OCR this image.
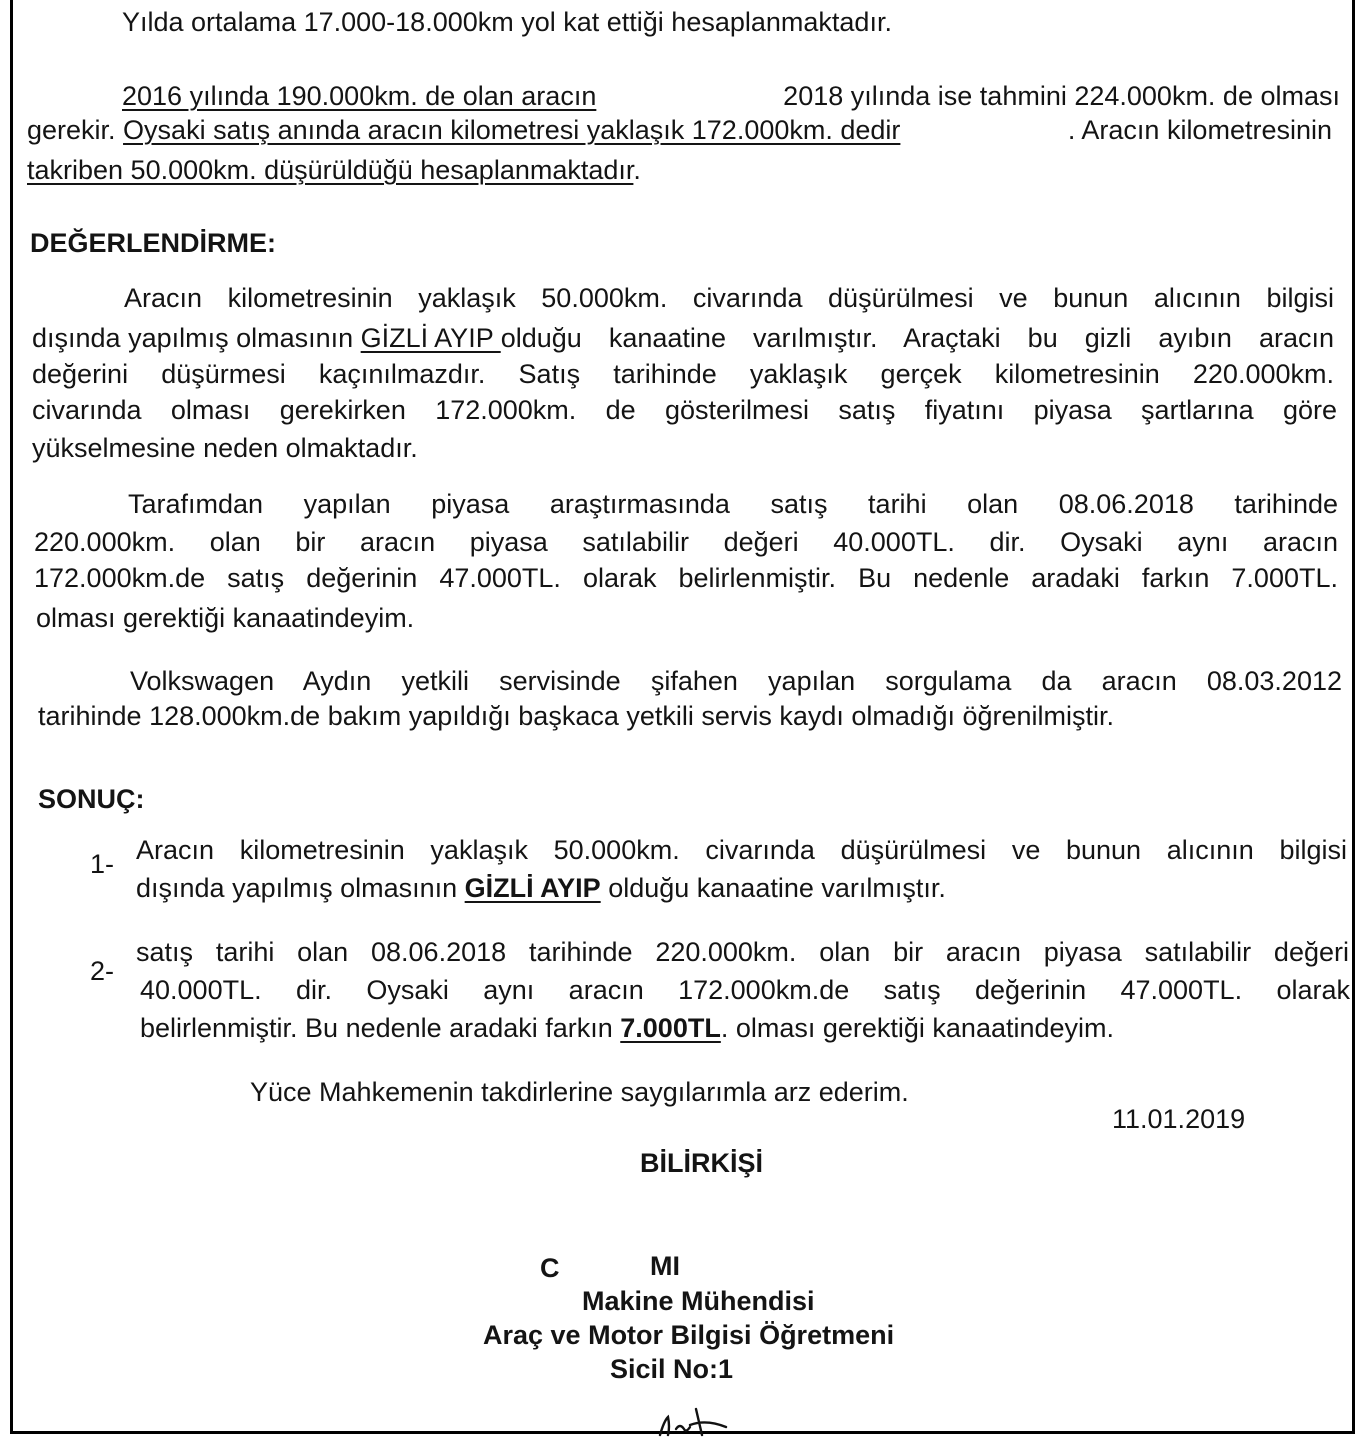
Yılda ortalama 17.000-18.000km yol kat ettiği hesaplanmaktadır.
2016 yılında 190.000km. de olan aracın	2018 yılında ise tahmini 224.000km. de olması
gerekir. Oysaki satış anında aracın kilometresi yaklaşık 172.000km. dedir	. Aracın kilometresinin
takriben 50.000km. düşürüldüğü hesaplanmaktadır.
DEĞERLENDİRME:
Aracın kilometresinin yaklaşık 50.000km. civarında düşürülmesi ve bunun alıcının bilgisi
dışında yapılmış olmasının GİZLİ AYIP olduğu kanaatine varılmıştır. Araçtaki bu gizli ayıbın aracın
değerini düşürmesi kaçınılmazdır. Satış tarihinde yaklaşık gerçek kilometresinin 220.000km.
civarında olması gerekirken 172.000km. de gösterilmesi satış fiyatını piyasa şartlarına göre
yükselmesine neden olmaktadır.
Tarafımdan yapılan piyasa araştırmasında satış tarihi olan 08.06.2018 tarihinde
220.000km. olan bir aracın piyasa satılabilir değeri 40.000TL. dir. Oysaki aynı aracın
172.000km.de satış değerinin 47.000TL. olarak belirlenmiştir. Bu nedenle aradaki farkın 7.000TL.
olması gerektiği kanaatindeyim.
Volkswagen Aydın yetkili servisinde şifahen yapılan sorgulama da aracın 08.03.2012
tarihinde 128.000km.de bakım yapıldığı başkaca yetkili servis kaydı olmadığı öğrenilmiştir.
SONUÇ:
1- Aracın kilometresinin yaklaşık 50.000km. civarında düşürülmesi ve bunun alıcının bilgisi
dışında yapılmış olmasının GİZLİ AYIP olduğu kanaatine varılmıştır.
2-
satış tarihi olan 08.06.2018 tarihinde 220.000km. olan bir aracın piyasa satılabilir değeri
40.000TL. dir. Oysaki aynı aracın 172.000km.de satış değerinin 47.000TL. olarak
belirlenmiştir. Bu nedenle aradaki farkın 7.000TL. olması gerektiği kanaatindeyim.
Yüce Mahkemenin takdirlerine saygılarımla arz ederim.
11.01.2019
BİLİRKİŞİ
C	MI
Makine Mühendisi
Araç ve Motor Bilgisi Öğretmeni
Sicil No:1
